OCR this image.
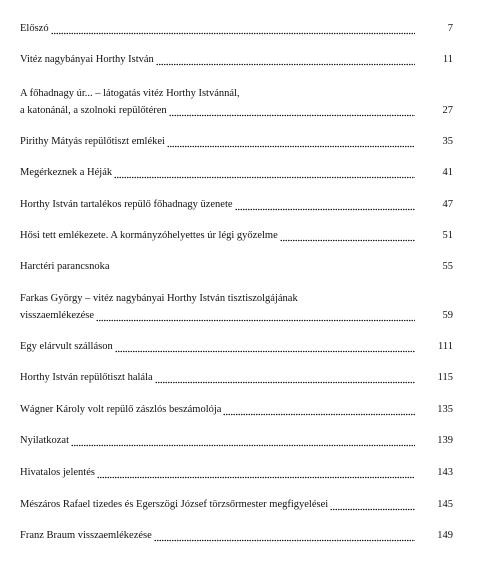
Előszó	7
Vitéz nagybányai Horthy István	11
A főhadnagy úr... – látogatás vitéz Horthy Istvánnál,
a katonánál, a szolnoki repülőtéren	27
Pirithy Mátyás repülőtiszt emlékei	35
Megérkeznek a Héják	41
Horthy István tartalékos repülő főhadnagy üzenete	47
Hősi tett emlékezete. A kormányzóhelyettes úr légi győzelme	51
Harctéri parancsnoka	55
Farkas György – vitéz nagybányai Horthy István tisztiszolgájának
visszaemlékezése	59
Egy elárvult szálláson	111
Horthy István repülőtiszt halála	115
Wágner Károly volt repülő zászlós beszámolója	135
Nyilatkozat	139
Hivatalos jelentés	143
Mészáros Rafael tizedes és Egerszögi József törzsőrmester megfigyelései	145
Franz Braum visszaemlékezése	149
